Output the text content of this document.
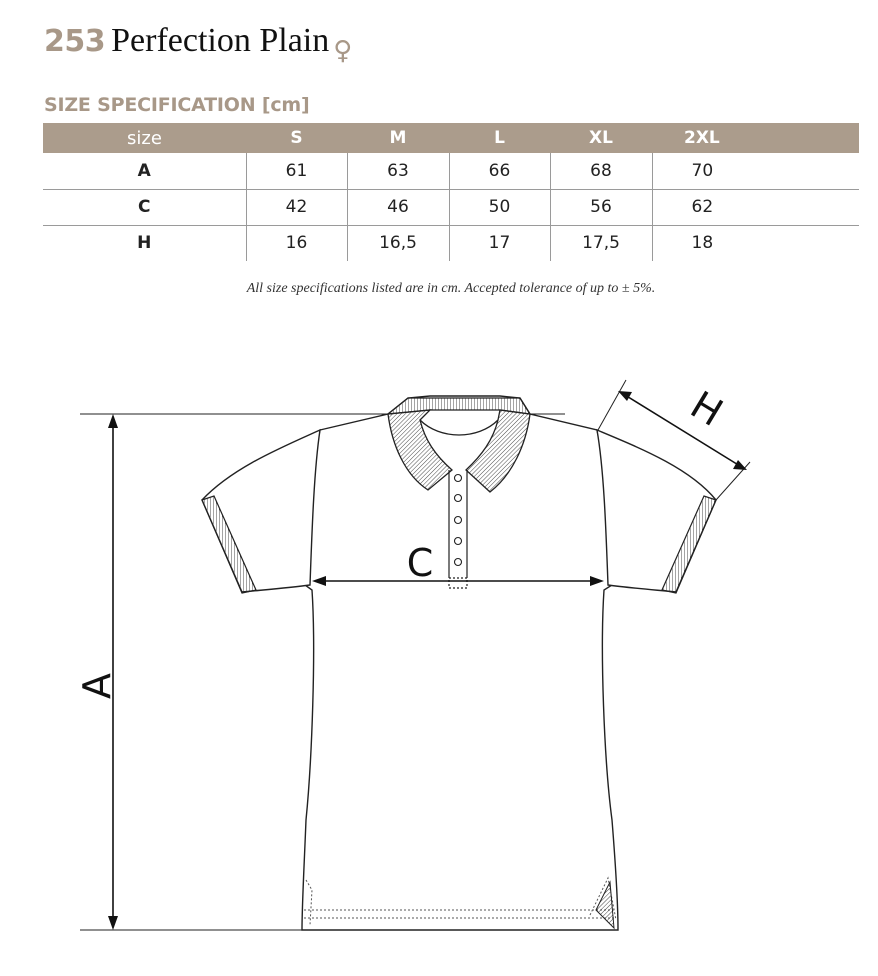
253 Perfection Plain ♀
SIZE SPECIFICATION [cm]
size	S	M	L	XL	2XL
A	61	63	66	68	70
C	42	46	50	56	62
H	16	16,5	17	17,5	18
All size specifications listed are in cm. Accepted tolerance of up to ± 5%.
A
C
H
